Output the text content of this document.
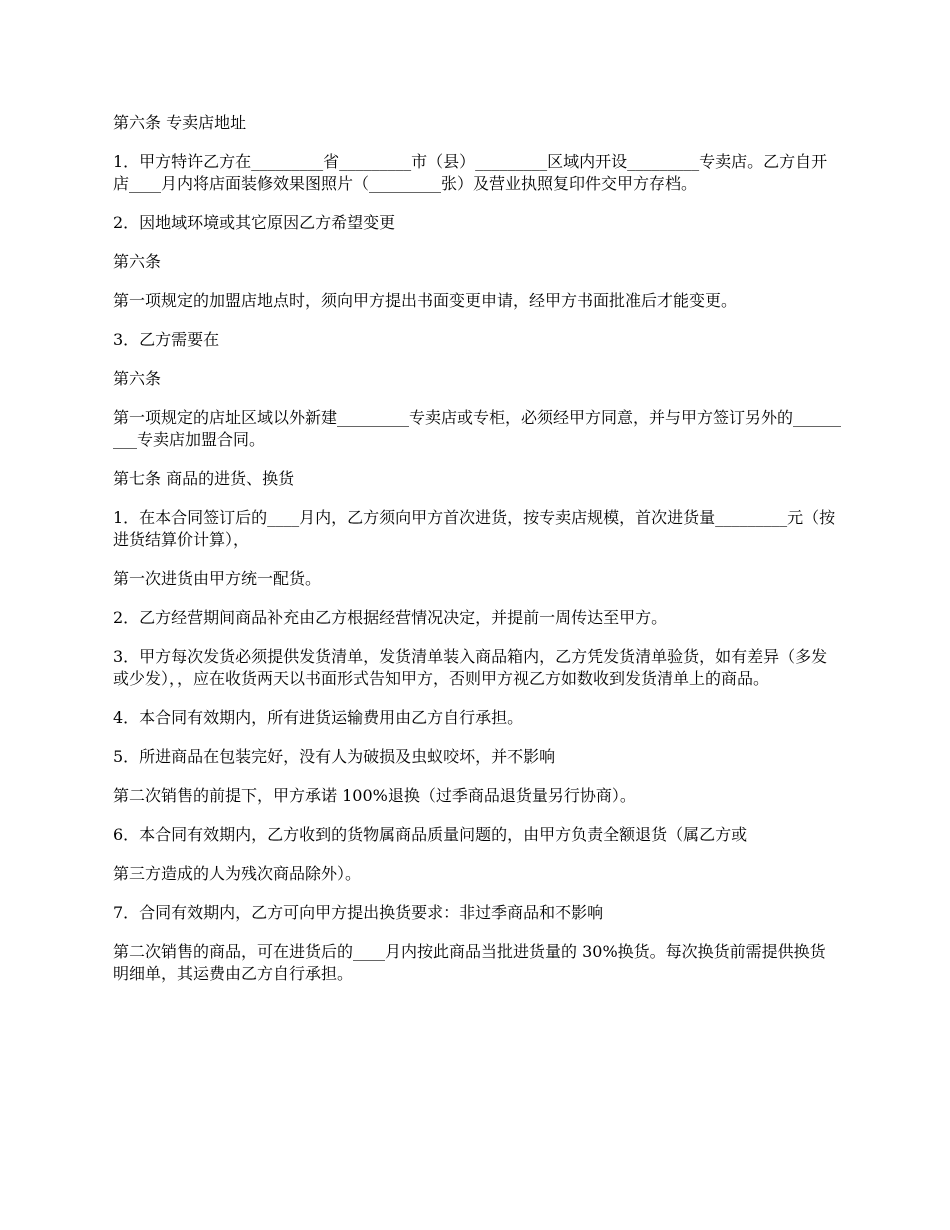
第六条 专卖店地址

1．甲方特许乙方在_________省_________市（县）_________区域内开设_________专卖店。乙方自开店____月内将店面装修效果图照片（_________张）及营业执照复印件交甲方存档。

2．因地域环境或其它原因乙方希望变更

第六条

第一项规定的加盟店地点时，须向甲方提出书面变更申请，经甲方书面批准后才能变更。

3．乙方需要在

第六条

第一项规定的店址区域以外新建_________专卖店或专柜，必须经甲方同意，并与甲方签订另外的_________专卖店加盟合同。

第七条 商品的进货、换货

1．在本合同签订后的____月内，乙方须向甲方首次进货，按专卖店规模，首次进货量_________元（按进货结算价计算），

第一次进货由甲方统一配货。

2．乙方经营期间商品补充由乙方根据经营情况决定，并提前一周传达至甲方。

3．甲方每次发货必须提供发货清单，发货清单装入商品箱内，乙方凭发货清单验货，如有差异（多发或少发），，应在收货两天以书面形式告知甲方，否则甲方视乙方如数收到发货清单上的商品。

4．本合同有效期内，所有进货运输费用由乙方自行承担。

5．所进商品在包装完好，没有人为破损及虫蚁咬坏，并不影响

第二次销售的前提下，甲方承诺 100%退换（过季商品退货量另行协商）。

6．本合同有效期内，乙方收到的货物属商品质量问题的，由甲方负责全额退货（属乙方或

第三方造成的人为残次商品除外）。

7．合同有效期内，乙方可向甲方提出换货要求：非过季商品和不影响

第二次销售的商品，可在进货后的____月内按此商品当批进货量的 30%换货。每次换货前需提供换货明细单，其运费由乙方自行承担。
